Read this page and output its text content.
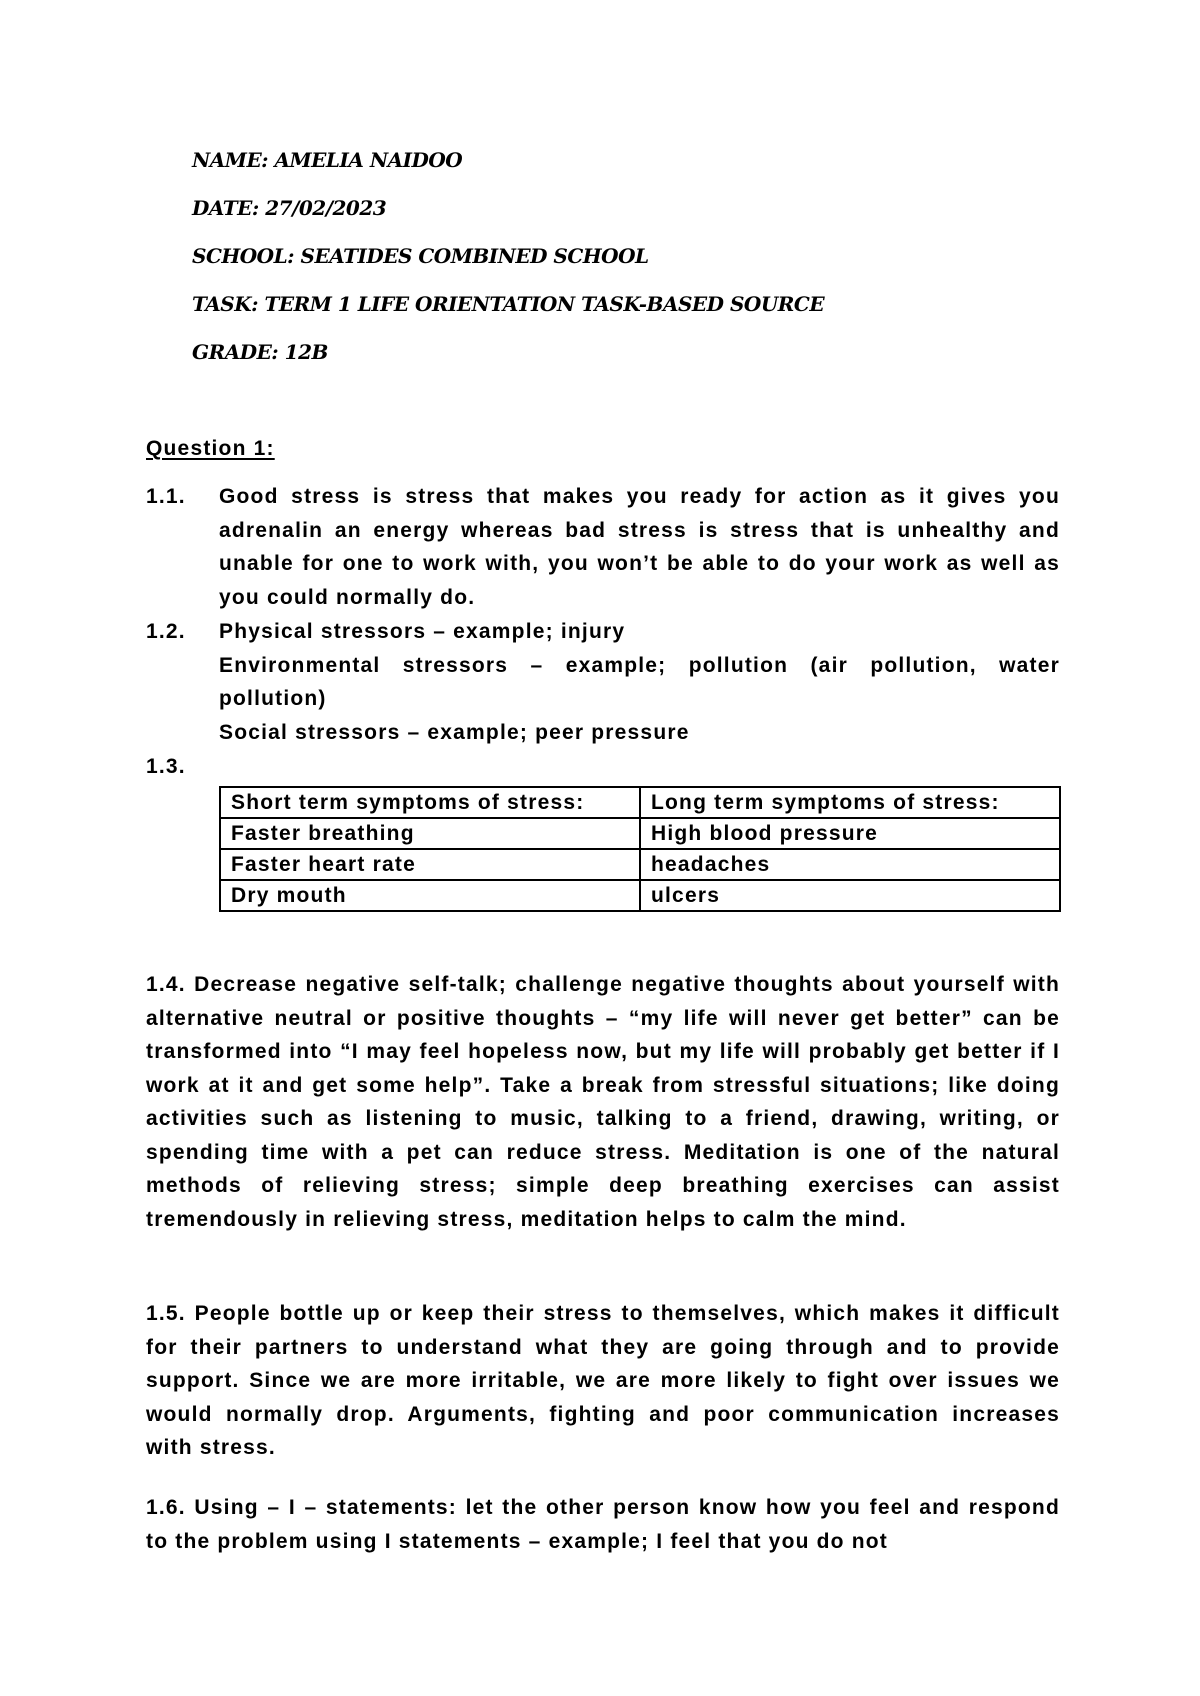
NAME: AMELIA NAIDOO
DATE: 27/02/2023
SCHOOL: SEATIDES COMBINED SCHOOL
TASK: TERM 1 LIFE ORIENTATION TASK-BASED SOURCE
GRADE: 12B
Question 1:
1.1.	Good stress is stress that makes you ready for action as it gives you adrenalin an energy whereas bad stress is stress that is unhealthy and unable for one to work with, you won’t be able to do your work as well as you could normally do.

1.2.	Physical stressors – example; injury

Environmental stressors – example; pollution (air pollution, water pollution)

Social stressors – example; peer pressure

1.3.
Short term symptoms of stress:	Long term symptoms of stress:
Faster breathing	High blood pressure
Faster heart rate	headaches
Dry mouth	ulcers

1.4. Decrease negative self-talk; challenge negative thoughts about yourself with alternative neutral or positive thoughts – “my life will never get better” can be transformed into “I may feel hopeless now, but my life will probably get better if I work at it and get some help”. Take a break from stressful situations; like doing activities such as listening to music, talking to a friend, drawing, writing, or spending time with a pet can reduce stress. Meditation is one of the natural methods of relieving stress; simple deep breathing exercises can assist tremendously in relieving stress, meditation helps to calm the mind.

1.5. People bottle up or keep their stress to themselves, which makes it difficult for their partners to understand what they are going through and to provide support. Since we are more irritable, we are more likely to fight over issues we would normally drop. Arguments, fighting and poor communication increases with stress.

1.6. Using – I – statements: let the other person know how you feel and respond to the problem using I statements – example; I feel that you do not
